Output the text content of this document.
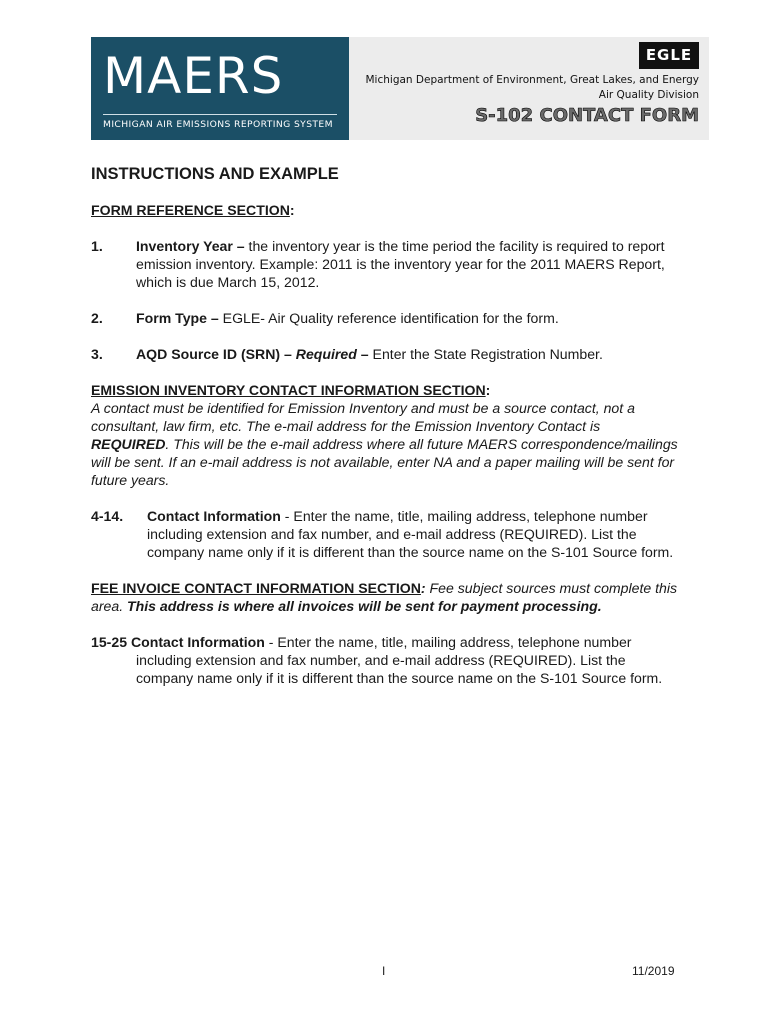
MAERS
MICHIGAN AIR EMISSIONS REPORTING SYSTEM
EGLE
Michigan Department of Environment, Great Lakes, and Energy
Air Quality Division
S-102 CONTACT FORM
INSTRUCTIONS AND EXAMPLE
FORM REFERENCE SECTION:
1. Inventory Year – the inventory year is the time period the facility is required to report emission inventory. Example: 2011 is the inventory year for the 2011 MAERS Report, which is due March 15, 2012.
2. Form Type – EGLE- Air Quality reference identification for the form.
3. AQD Source ID (SRN) – Required – Enter the State Registration Number.
EMISSION INVENTORY CONTACT INFORMATION SECTION:
A contact must be identified for Emission Inventory and must be a source contact, not a consultant, law firm, etc. The e-mail address for the Emission Inventory Contact is REQUIRED. This will be the e-mail address where all future MAERS correspondence/mailings will be sent. If an e-mail address is not available, enter NA and a paper mailing will be sent for future years.
4-14. Contact Information - Enter the name, title, mailing address, telephone number including extension and fax number, and e-mail address (REQUIRED). List the company name only if it is different than the source name on the S-101 Source form.
FEE INVOICE CONTACT INFORMATION SECTION: Fee subject sources must complete this area. This address is where all invoices will be sent for payment processing.
15-25 Contact Information - Enter the name, title, mailing address, telephone number including extension and fax number, and e-mail address (REQUIRED). List the company name only if it is different than the source name on the S-101 Source form.
I	11/2019
